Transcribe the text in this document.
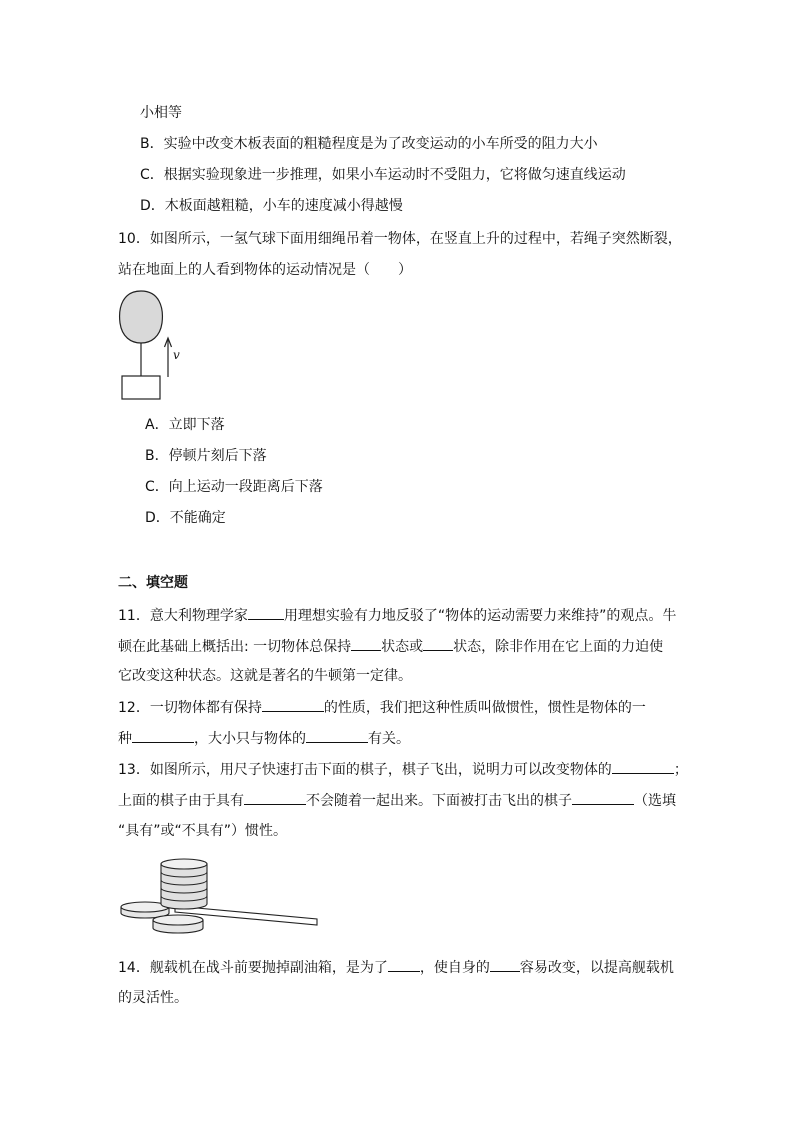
小相等
B．实验中改变木板表面的粗糙程度是为了改变运动的小车所受的阻力大小
C．根据实验现象进一步推理，如果小车运动时不受阻力，它将做匀速直线运动
D．木板面越粗糙，小车的速度减小得越慢
10．如图所示，一氢气球下面用细绳吊着一物体，在竖直上升的过程中，若绳子突然断裂，
站在地面上的人看到物体的运动情况是（　　）
v
A．立即下落
B．停顿片刻后下落
C．向上运动一段距离后下落
D．不能确定
二、填空题
11．意大利物理学家	用理想实验有力地反驳了“物体的运动需要力来维持”的观点。牛
顿在此基础上概括出: 一切物体总保持 状态或 状态，除非作用在它上面的力迫使
它改变这种状态。这就是著名的牛顿第一定律。
12．一切物体都有保持	的性质，我们把这种性质叫做惯性，惯性是物体的一
种	，大小只与物体的	有关。
13．如图所示，用尺子快速打击下面的棋子，棋子飞出，说明力可以改变物体的	；
上面的棋子由于具有	不会随着一起出来。下面被打击飞出的棋子	（选填
“具有”或“不具有”）惯性。
14．舰载机在战斗前要抛掉副油箱，是为了 ，使自身的 容易改变，以提高舰载机
的灵活性。
